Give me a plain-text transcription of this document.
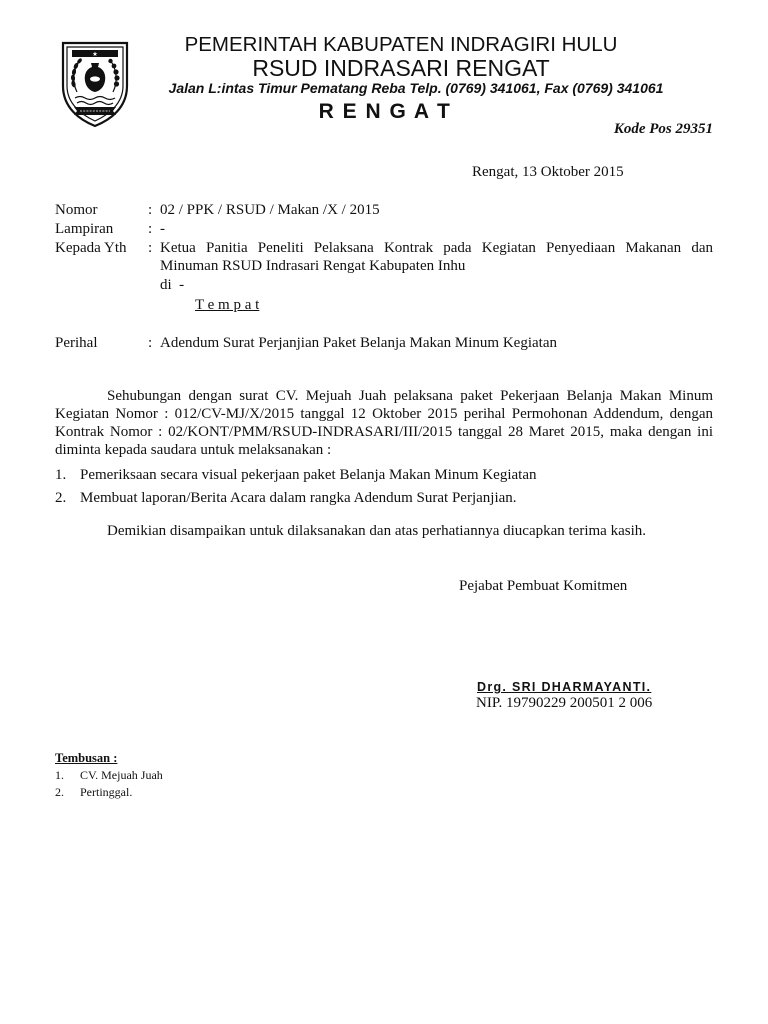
PEMERINTAH KABUPATEN INDRAGIRI HULU
RSUD INDRASARI RENGAT
Jalan L:intas Timur Pematang Reba Telp. (0769) 341061, Fax (0769) 341061
R E N G A T
Kode Pos 29351
Rengat, 13 Oktober 2015
Nomor	: 02 / PPK / RSUD / Makan /X / 2015
Lampiran : -
Kepada Yth : Ketua Panitia Peneliti Pelaksana Kontrak pada Kegiatan Penyediaan Makanan dan
Minuman RSUD Indrasari Rengat Kabupaten Inhu
di  -
T e m p a t
Perihal	: Adendum Surat Perjanjian Paket Belanja Makan Minum Kegiatan
Sehubungan dengan surat CV. Mejuah Juah pelaksana paket Pekerjaan Belanja Makan Minum
Kegiatan Nomor : 012/CV-MJ/X/2015 tanggal 12 Oktober 2015 perihal Permohonan Addendum, dengan
Kontrak Nomor : 02/KONT/PMM/RSUD-INDRASARI/III/2015 tanggal 28 Maret 2015, maka dengan ini
diminta kepada saudara untuk melaksanakan :
1. Pemeriksaan secara visual pekerjaan paket Belanja Makan Minum Kegiatan
2. Membuat laporan/Berita Acara dalam rangka Adendum Surat Perjanjian.
Demikian disampaikan untuk dilaksanakan dan atas perhatiannya diucapkan terima kasih.
Pejabat Pembuat Komitmen
Drg. SRI DHARMAYANTI.
NIP. 19790229 200501 2 006
Tembusan :
1. CV. Mejuah Juah
2. Pertinggal.
